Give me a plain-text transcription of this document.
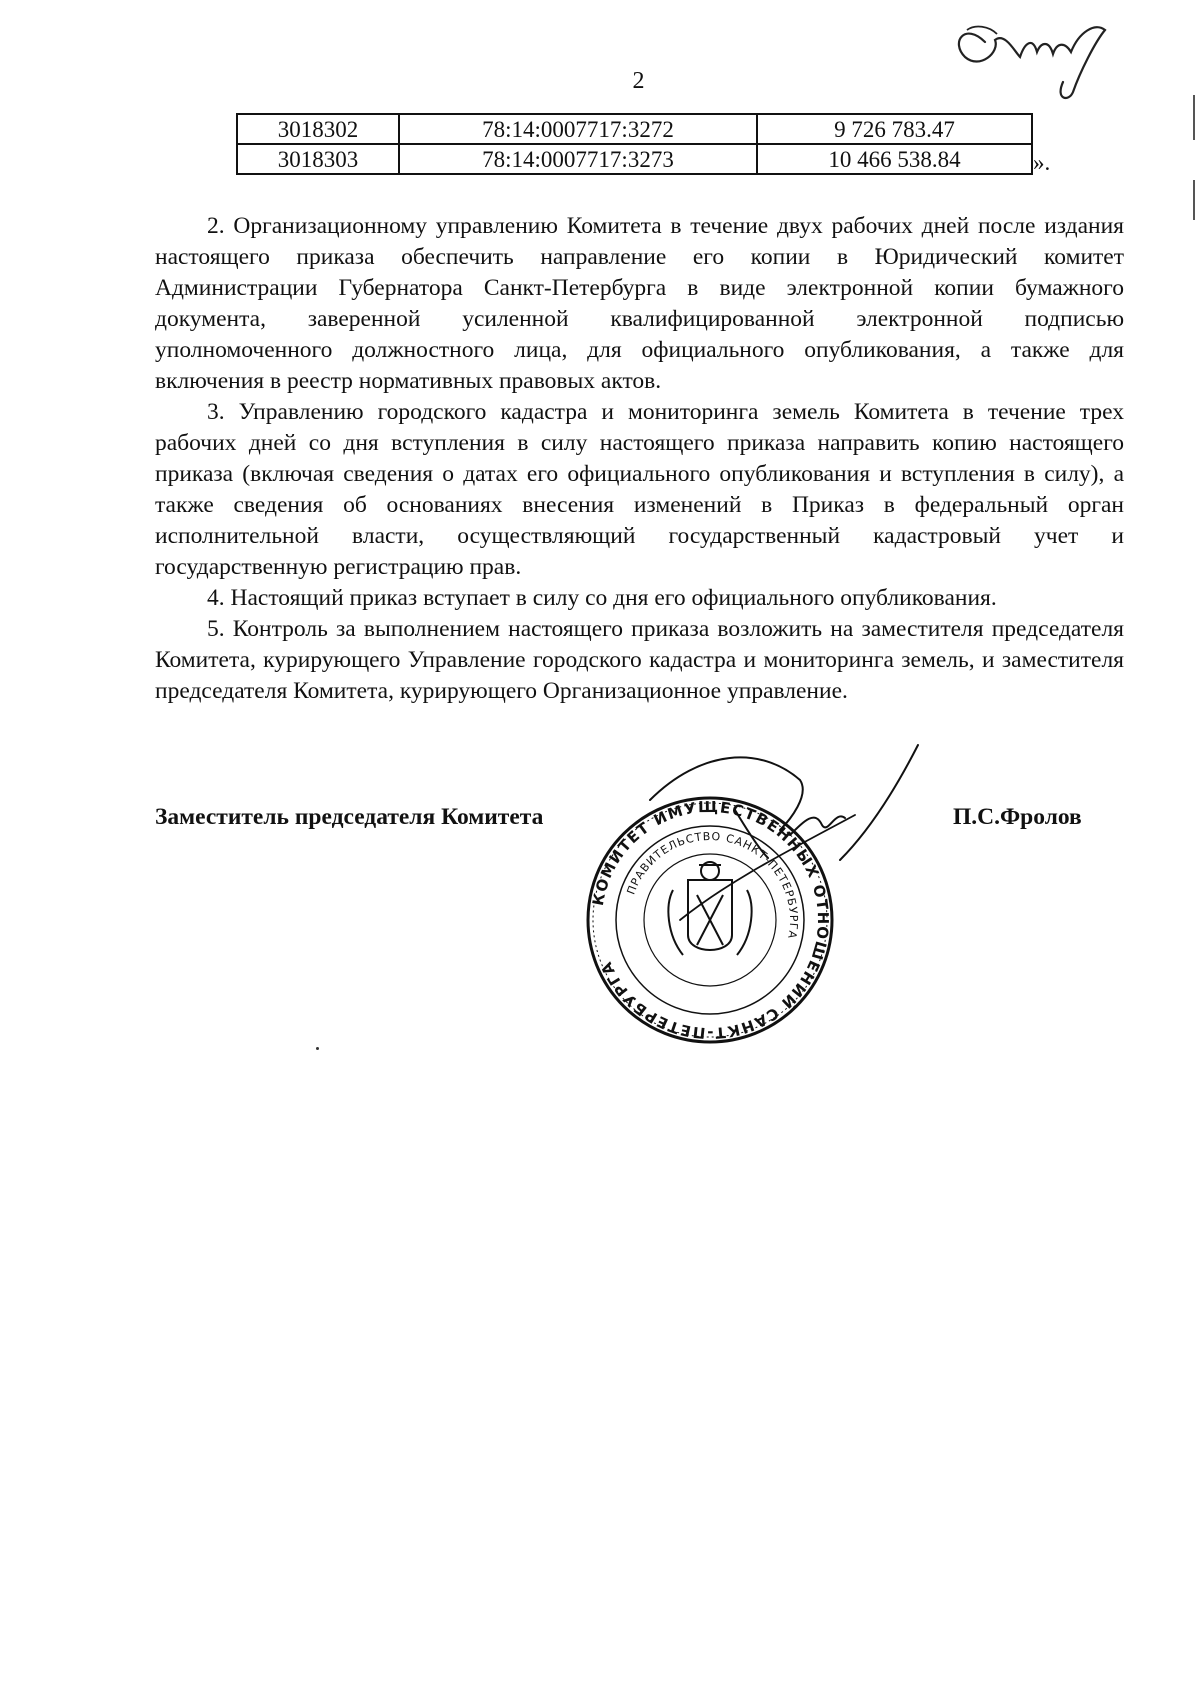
2
3018302	78:14:0007717:3272	9 726 783.47
3018303	78:14:0007717:3273	10 466 538.84	».

2. Организационному управлению Комитета в течение двух рабочих дней после издания настоящего приказа обеспечить направление его копии в Юридический комитет Администрации Губернатора Санкт-Петербурга в виде электронной копии бумажного документа, заверенной усиленной квалифицированной электронной подписью уполномоченного должностного лица, для официального опубликования, а также для включения в реестр нормативных правовых актов.

3. Управлению городского кадастра и мониторинга земель Комитета в течение трех рабочих дней со дня вступления в силу настоящего приказа направить копию настоящего приказа (включая сведения о датах его официального опубликования и вступления в силу), а также сведения об основаниях внесения изменений в Приказ в федеральный орган исполнительной власти, осуществляющий государственный кадастровый учет и государственную регистрацию прав.

4. Настоящий приказ вступает в силу со дня его официального опубликования.

5. Контроль за выполнением настоящего приказа возложить на заместителя председателя Комитета, курирующего Управление городского кадастра и мониторинга земель, и заместителя председателя Комитета, курирующего Организационное управление.

Заместитель председателя Комитета	П.С.Фролов
КОМИТЕТ ИМУЩЕСТВЕННЫХ ОТНОШЕНИЙ САНКТ-ПЕТЕРБУРГА
ПРАВИТЕЛЬСТВО САНКТ-ПЕТЕРБУРГА
